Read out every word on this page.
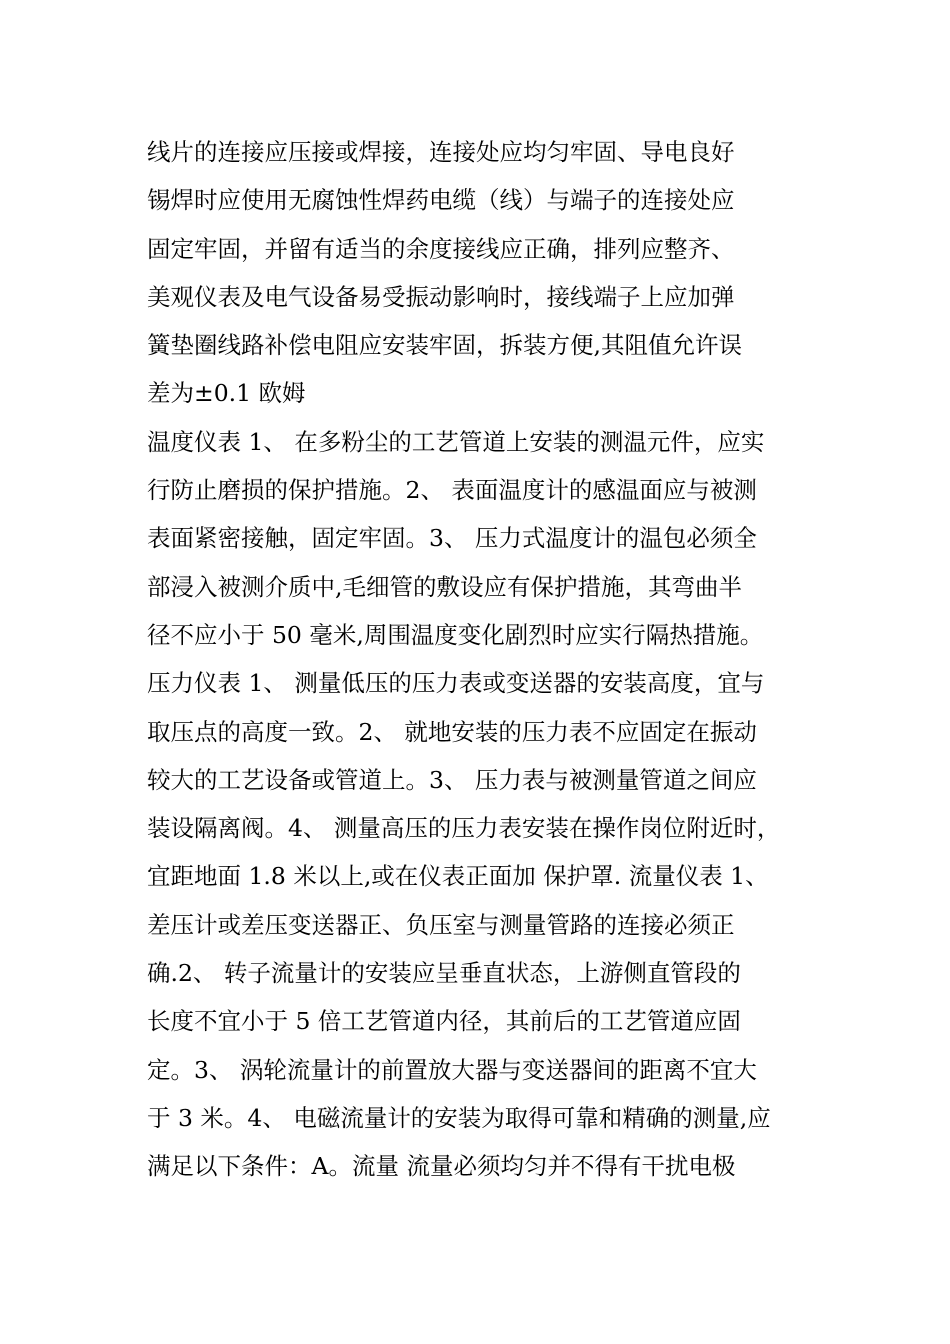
线片的连接应压接或焊接，连接处应均匀牢固、导电良好
锡焊时应使用无腐蚀性焊药电缆（线）与端子的连接处应
固定牢固，并留有适当的余度接线应正确，排列应整齐、
美观仪表及电气设备易受振动影响时，接线端子上应加弹
簧垫圈线路补偿电阻应安装牢固，拆装方便,其阻值允许误
差为±0.1 欧姆
温度仪表 1、 在多粉尘的工艺管道上安装的测温元件，应实
行防止磨损的保护措施。2、 表面温度计的感温面应与被测
表面紧密接触，固定牢固。3、 压力式温度计的温包必须全
部浸入被测介质中,毛细管的敷设应有保护措施，其弯曲半
径不应小于 50 毫米,周围温度变化剧烈时应实行隔热措施。
压力仪表 1、 测量低压的压力表或变送器的安装高度，宜与
取压点的高度一致。2、 就地安装的压力表不应固定在振动
较大的工艺设备或管道上。3、 压力表与被测量管道之间应
装设隔离阀。4、 测量高压的压力表安装在操作岗位附近时，
宜距地面 1.8 米以上,或在仪表正面加 保护罩. 流量仪表 1、
差压计或差压变送器正、负压室与测量管路的连接必须正
确.2、 转子流量计的安装应呈垂直状态，上游侧直管段的
长度不宜小于 5 倍工艺管道内径，其前后的工艺管道应固
定。3、 涡轮流量计的前置放大器与变送器间的距离不宜大
于 3 米。4、 电磁流量计的安装为取得可靠和精确的测量,应
满足以下条件：A。流量 流量必须均匀并不得有干扰电极
